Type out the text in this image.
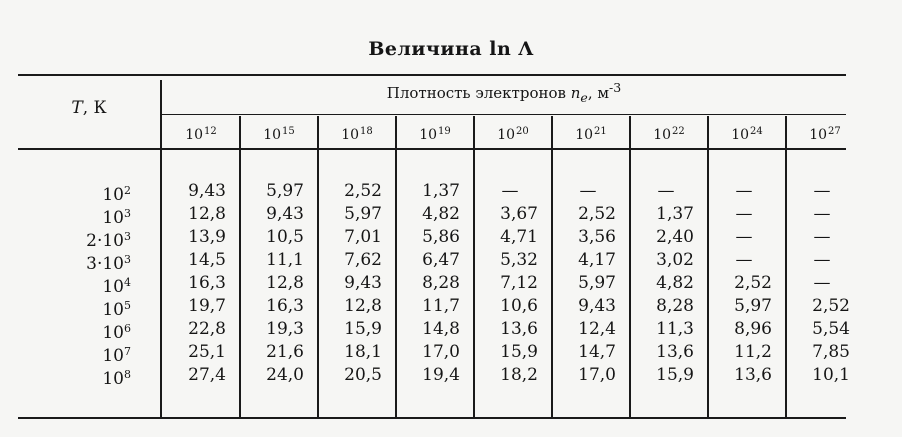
Величина ln Λ
T, К
Плотность электронов $n_e$, $м^{-3}$
$10^{12}$	$10^{15}$	$10^{18}$	$10^{19}$	$10^{20}$	$10^{21}$	$10^{22}$	$10^{24}$	$10^{27}$
$10^2$	9,43	5,97	2,52	1,37	—	—	—	—	—
$10^3$	12,8	9,43	5,97	4,82	3,67	2,52	1,37	—	—
$2\cdot 10^3$	13,9	10,5	7,01	5,86	4,71	3,56	2,40	—	—
$3\cdot 10^3$	14,5	11,1	7,62	6,47	5,32	4,17	3,02	—	—
$10^4$	16,3	12,8	9,43	8,28	7,12	5,97	4,82	2,52	—
$10^5$	19,7	16,3	12,8	11,7	10,6	9,43	8,28	5,97	2,52
$10^6$	22,8	19,3	15,9	14,8	13,6	12,4	11,3	8,96	5,54
$10^7$	25,1	21,6	18,1	17,0	15,9	14,7	13,6	11,2	7,85
$10^8$	27,4	24,0	20,5	19,4	18,2	17,0	15,9	13,6	10,1
